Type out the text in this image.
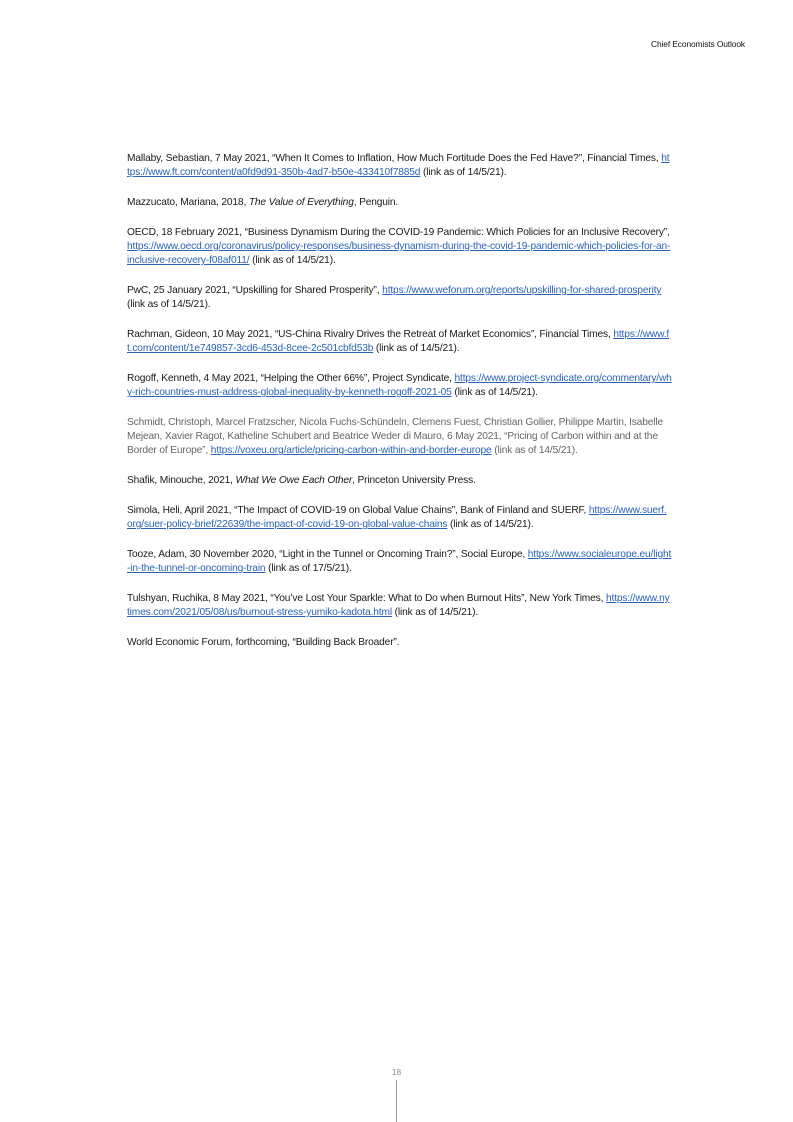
Chief Economists Outlook
Mallaby, Sebastian, 7 May 2021, “When It Comes to Inflation, How Much Fortitude Does the Fed Have?”, Financial Times, https://www.ft.com/content/a0fd9d91-350b-4ad7-b50e-433410f7885d (link as of 14/5/21).
Mazzucato, Mariana, 2018, The Value of Everything, Penguin.
OECD, 18 February 2021, “Business Dynamism During the COVID-19 Pandemic: Which Policies for an Inclusive Recovery”, https://www.oecd.org/coronavirus/policy-responses/business-dynamism-during-the-covid-19-pandemic-which-policies-for-an-inclusive-recovery-f08af011/ (link as of 14/5/21).
PwC, 25 January 2021, “Upskilling for Shared Prosperity”, https://www.weforum.org/reports/upskilling-for-shared-prosperity (link as of 14/5/21).
Rachman, Gideon, 10 May 2021, “US-China Rivalry Drives the Retreat of Market Economics”, Financial Times, https://www.ft.com/content/1e749857-3cd6-453d-8cee-2c501cbfd53b (link as of 14/5/21).
Rogoff, Kenneth, 4 May 2021, “Helping the Other 66%”, Project Syndicate, https://www.project-syndicate.org/commentary/why-rich-countries-must-address-global-inequality-by-kenneth-rogoff-2021-05 (link as of 14/5/21).
Schmidt, Christoph, Marcel Fratzscher, Nicola Fuchs-Schündeln, Clemens Fuest, Christian Gollier, Philippe Martin, Isabelle Mejean, Xavier Ragot, Katheline Schubert and Beatrice Weder di Mauro, 6 May 2021, “Pricing of Carbon within and at the Border of Europe”, https://voxeu.org/article/pricing-carbon-within-and-border-europe (link as of 14/5/21).
Shafik, Minouche, 2021, What We Owe Each Other, Princeton University Press.
Simola, Heli, April 2021, “The Impact of COVID-19 on Global Value Chains”, Bank of Finland and SUERF, https://www.suerf.org/suer-policy-brief/22639/the-impact-of-covid-19-on-global-value-chains (link as of 14/5/21).
Tooze, Adam, 30 November 2020, “Light in the Tunnel or Oncoming Train?”, Social Europe, https://www.socialeurope.eu/light-in-the-tunnel-or-oncoming-train (link as of 17/5/21).
Tulshyan, Ruchika, 8 May 2021, “You’ve Lost Your Sparkle: What to Do when Burnout Hits”, New York Times, https://www.nytimes.com/2021/05/08/us/burnout-stress-yumiko-kadota.html (link as of 14/5/21).
World Economic Forum, forthcoming, “Building Back Broader”.
18
